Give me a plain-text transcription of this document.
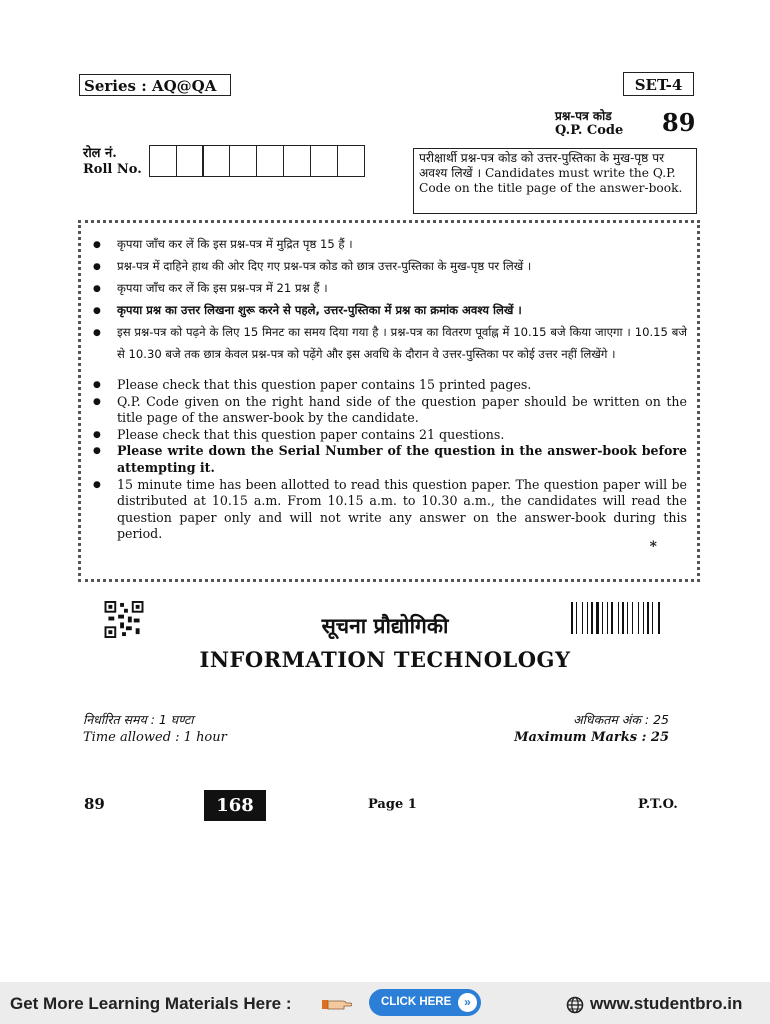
Series : AQ@QA	SET-4
प्रश्न-पत्र कोड
Q.P. Code 89
रोल नं.
Roll No.
परीक्षार्थी प्रश्न-पत्र कोड को उत्तर-पुस्तिका के मुख-पृष्ठ पर अवश्य लिखें । Candidates must write the Q.P. Code on the title page of the answer-book.
● कृपया जाँच कर लें कि इस प्रश्न-पत्र में मुद्रित पृष्ठ 15 हैं ।
● प्रश्न-पत्र में दाहिने हाथ की ओर दिए गए प्रश्न-पत्र कोड को छात्र उत्तर-पुस्तिका के मुख-पृष्ठ पर लिखें ।
● कृपया जाँच कर लें कि इस प्रश्न-पत्र में 21 प्रश्न हैं ।
● कृपया प्रश्न का उत्तर लिखना शुरू करने से पहले, उत्तर-पुस्तिका में प्रश्न का क्रमांक अवश्य लिखें ।
● इस प्रश्न-पत्र को पढ़ने के लिए 15 मिनट का समय दिया गया है । प्रश्न-पत्र का वितरण पूर्वाह्न में 10.15 बजे किया जाएगा । 10.15 बजे से 10.30 बजे तक छात्र केवल प्रश्न-पत्र को पढ़ेंगे और इस अवधि के दौरान वे उत्तर-पुस्तिका पर कोई उत्तर नहीं लिखेंगे ।
● Please check that this question paper contains 15 printed pages.
● Q.P. Code given on the right hand side of the question paper should be written on the title page of the answer-book by the candidate.
● Please check that this question paper contains 21 questions.
● Please write down the Serial Number of the question in the answer-book before attempting it.
● 15 minute time has been allotted to read this question paper. The question paper will be distributed at 10.15 a.m. From 10.15 a.m. to 10.30 a.m., the candidates will read the question paper only and will not write any answer on the answer-book during this period.
*
सूचना प्रौद्योगिकी
INFORMATION TECHNOLOGY
निर्धारित समय : 1 घण्टा
Time allowed : 1 hour
अधिकतम अंक : 25
Maximum Marks : 25
89	168	Page 1	P.T.O.
Get More Learning Materials Here :	CLICK HERE	»	www.studentbro.in
